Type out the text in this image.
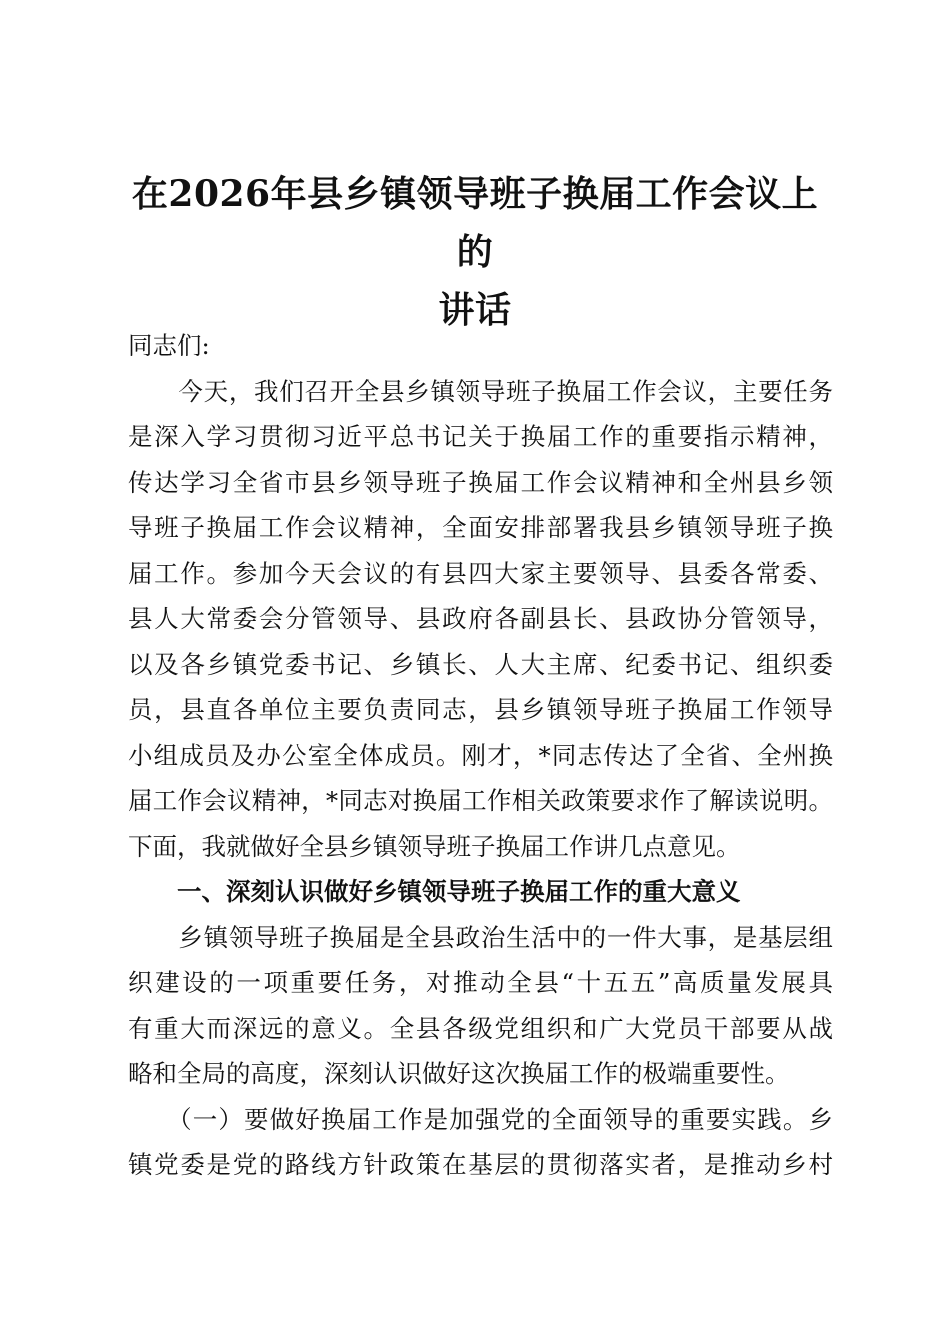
在2026年县乡镇领导班子换届工作会议上的
讲话
同志们:
　　今天，我们召开全县乡镇领导班子换届工作会议，主要任务
是深入学习贯彻习近平总书记关于换届工作的重要指示精神，
传达学习全省市县乡领导班子换届工作会议精神和全州县乡领
导班子换届工作会议精神，全面安排部署我县乡镇领导班子换
届工作。参加今天会议的有县四大家主要领导、县委各常委、
县人大常委会分管领导、县政府各副县长、县政协分管领导，
以及各乡镇党委书记、乡镇长、人大主席、纪委书记、组织委
员，县直各单位主要负责同志，县乡镇领导班子换届工作领导
小组成员及办公室全体成员。刚才，*同志传达了全省、全州换
届工作会议精神，*同志对换届工作相关政策要求作了解读说明。
下面，我就做好全县乡镇领导班子换届工作讲几点意见。
　　一、深刻认识做好乡镇领导班子换届工作的重大意义
　　乡镇领导班子换届是全县政治生活中的一件大事，是基层组
织建设的一项重要任务，对推动全县“十五五”高质量发展具
有重大而深远的意义。全县各级党组织和广大党员干部要从战
略和全局的高度，深刻认识做好这次换届工作的极端重要性。
　　（一）要做好换届工作是加强党的全面领导的重要实践。乡
镇党委是党的路线方针政策在基层的贯彻落实者，是推动乡村
